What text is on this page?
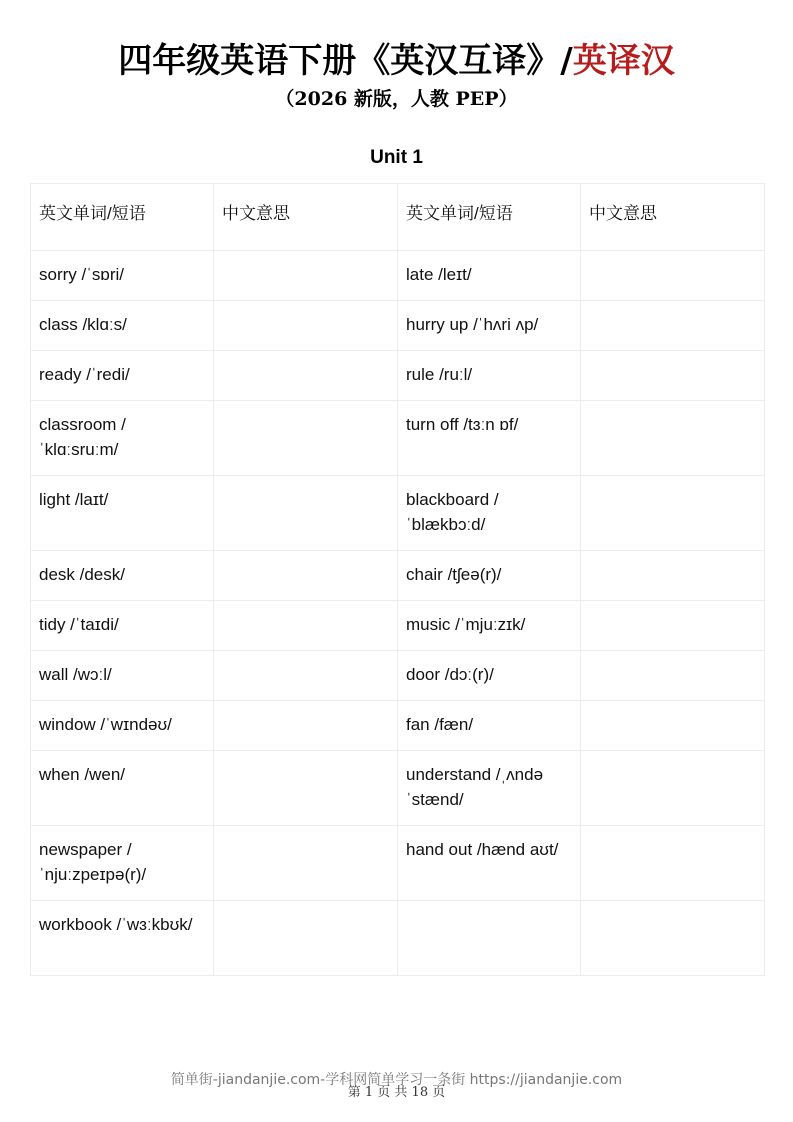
四年级英语下册《英汉互译》/英译汉
（2026 新版，人教 PEP）
Unit 1
英文单词/短语	中文意思	英文单词/短语	中文意思
sorry /ˈsɒri/		late /leɪt/	
class /klɑːs/		hurry up /ˈhʌri ʌp/	
ready /ˈredi/		rule /ruːl/	
classroom /ˈklɑːsruːm/		turn off /tɜːn ɒf/	
light /laɪt/		blackboard /ˈblækbɔːd/	
desk /desk/		chair /tʃeə(r)/	
tidy /ˈtaɪdi/		music /ˈmjuːzɪk/	
wall /wɔːl/		door /dɔː(r)/	
window /ˈwɪndəʊ/		fan /fæn/	
when /wen/		understand /ˌʌndəˈstænd/	
newspaper /ˈnjuːzpeɪpə(r)/		hand out /hænd aʊt/	
workbook /ˈwɜːkbʊk/			
简单街-jiandanjie.com-学科网简单学习一条街 https://jiandanjie.com
第 1 页 共 18 页
